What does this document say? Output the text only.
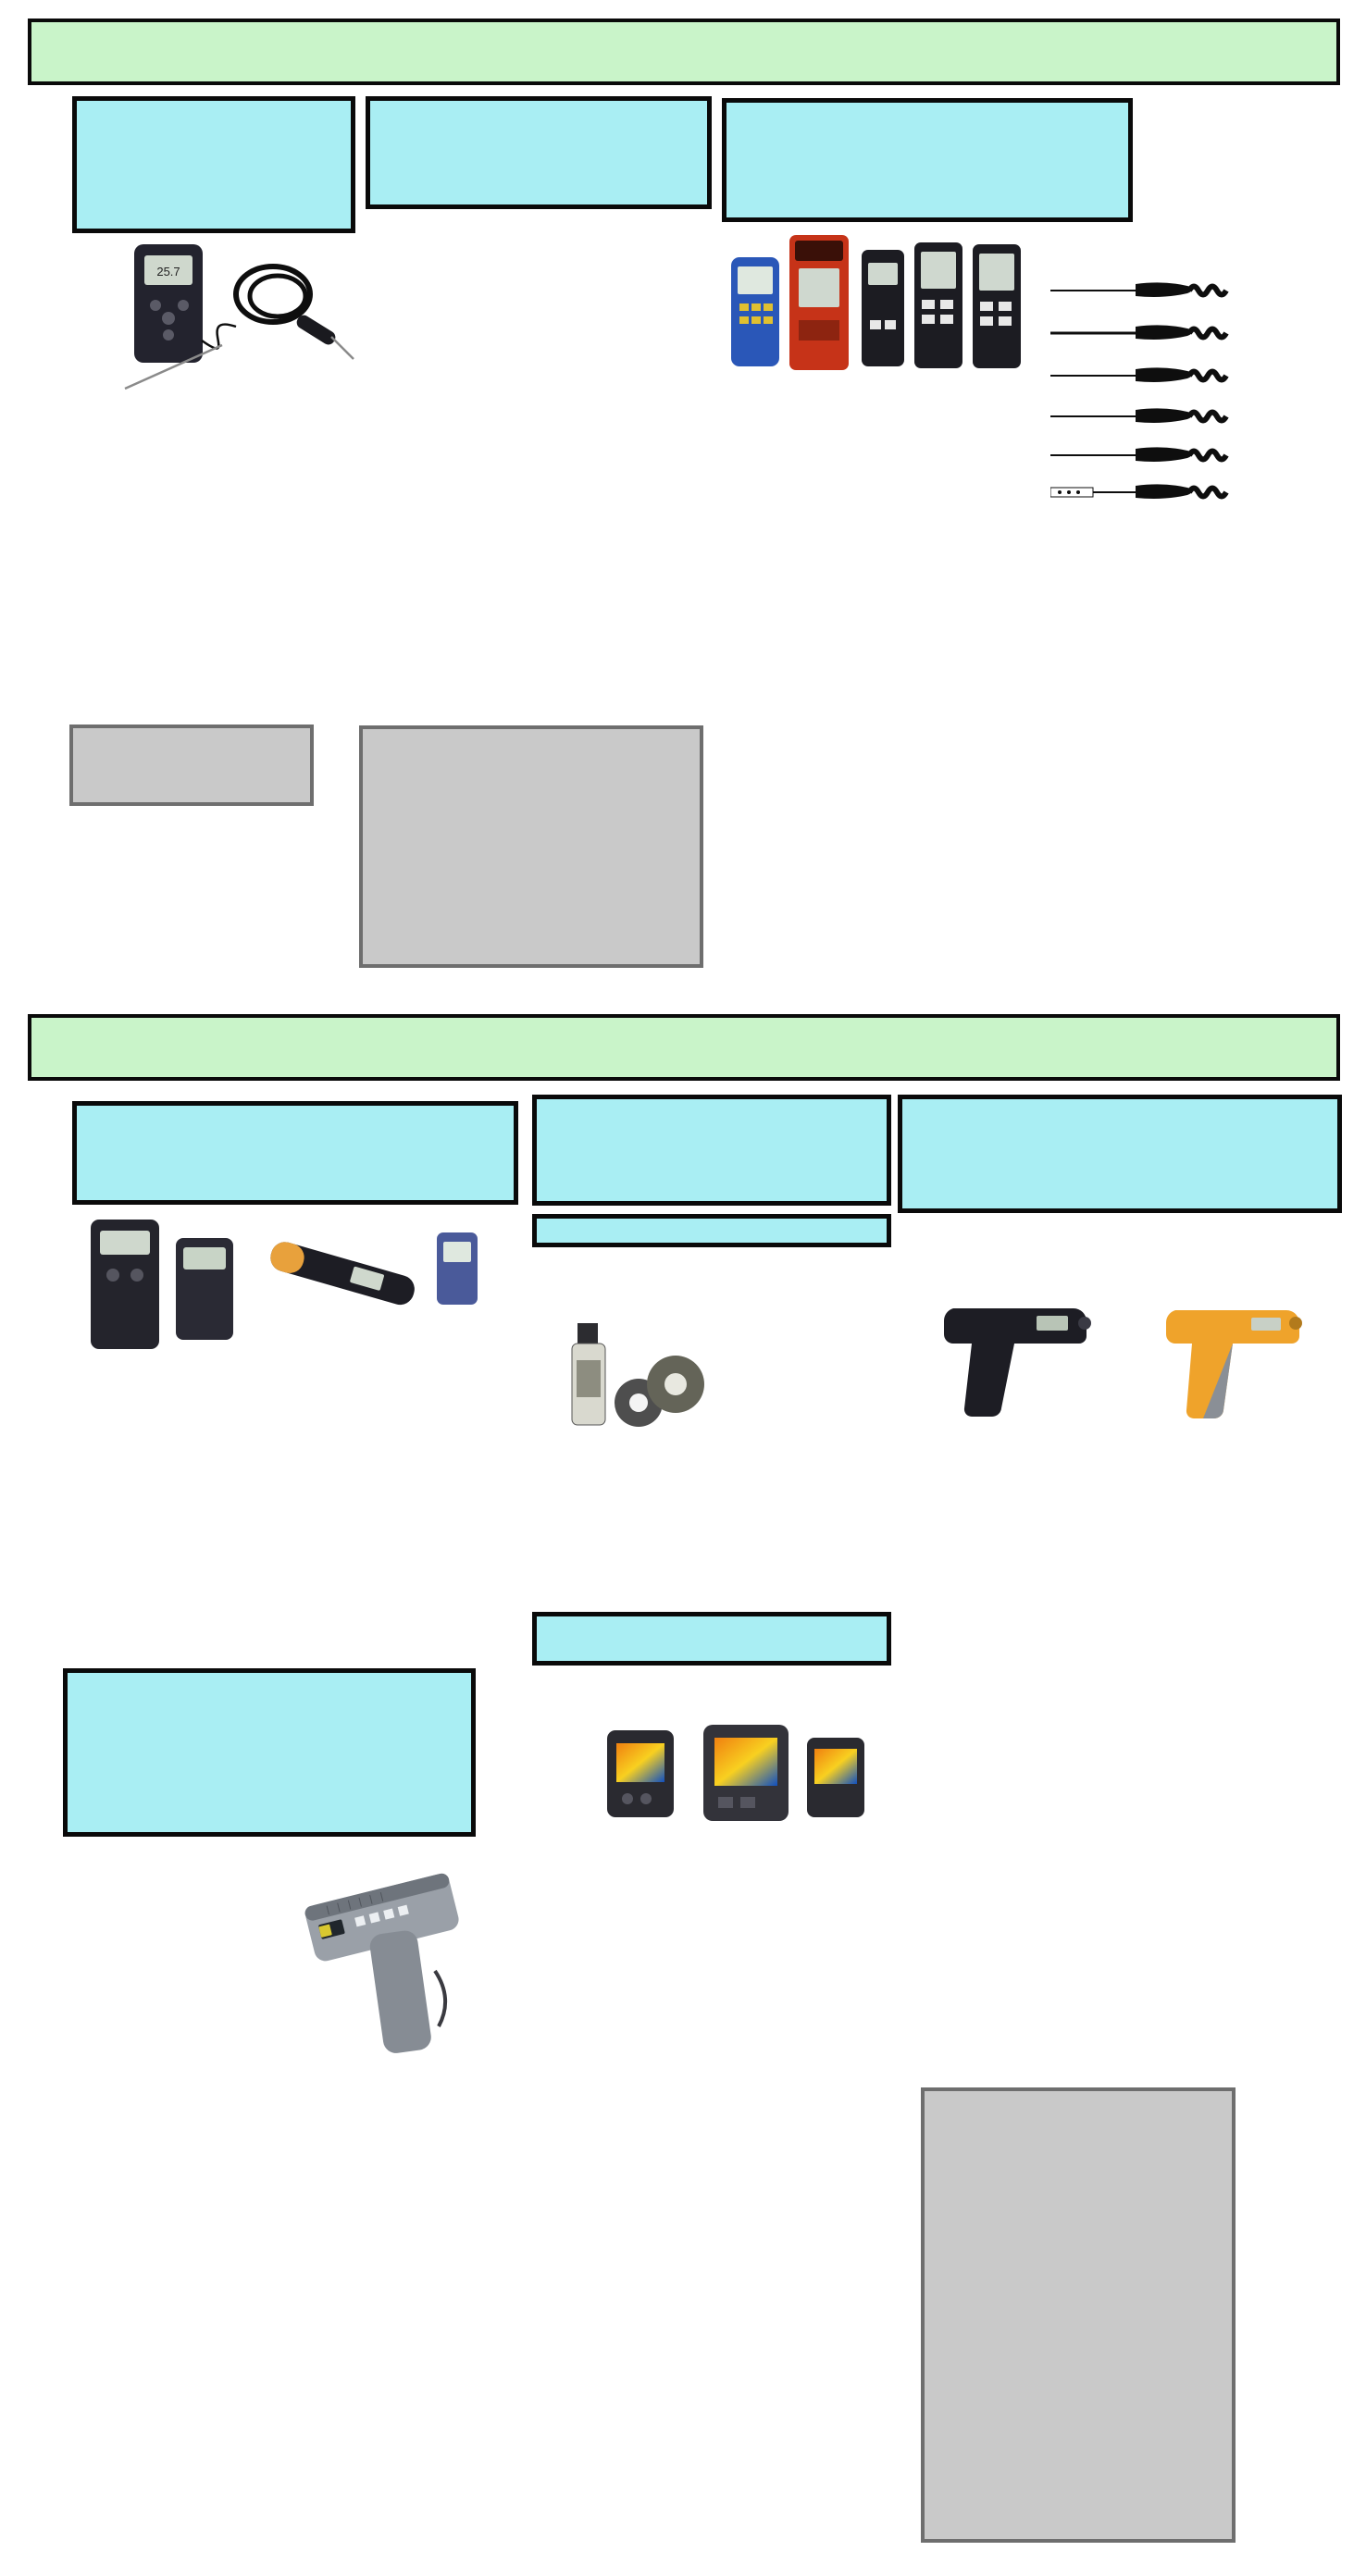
25.7
